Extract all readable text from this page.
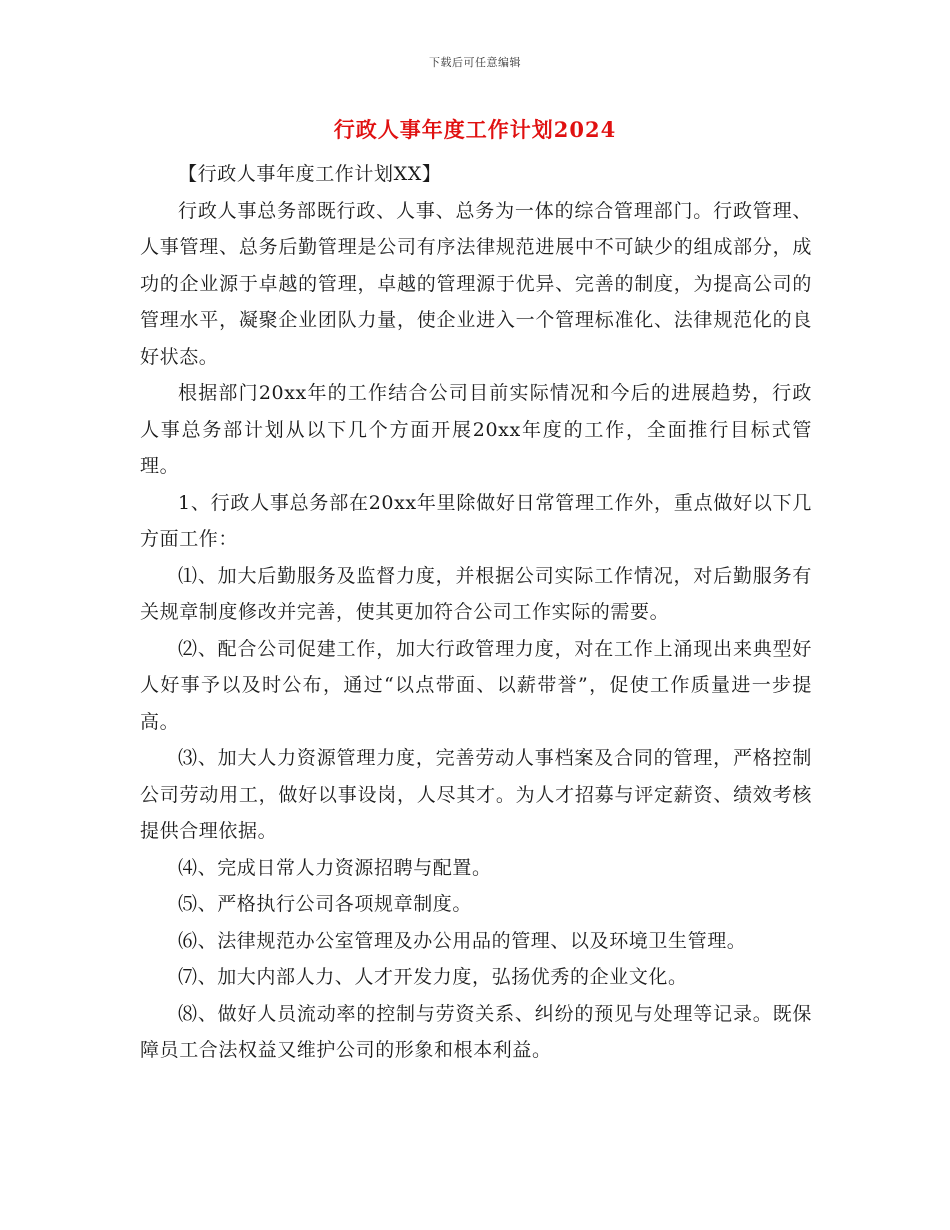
下载后可任意编辑
行政人事年度工作计划2024

【行政人事年度工作计划XX】

行政人事总务部既行政、人事、总务为一体的综合管理部门。行政管理、人事管理、总务后勤管理是公司有序法律规范进展中不可缺少的组成部分，成功的企业源于卓越的管理，卓越的管理源于优异、完善的制度，为提高公司的管理水平，凝聚企业团队力量，使企业进入一个管理标准化、法律规范化的良好状态。

根据部门20xx年的工作结合公司目前实际情况和今后的进展趋势，行政人事总务部计划从以下几个方面开展20xx年度的工作，全面推行目标式管理。

1、行政人事总务部在20xx年里除做好日常管理工作外，重点做好以下几方面工作：

⑴、加大后勤服务及监督力度，并根据公司实际工作情况，对后勤服务有关规章制度修改并完善，使其更加符合公司工作实际的需要。

⑵、配合公司促建工作，加大行政管理力度，对在工作上涌现出来典型好人好事予以及时公布，通过“以点带面、以薪带誉”，促使工作质量进一步提高。

⑶、加大人力资源管理力度，完善劳动人事档案及合同的管理，严格控制公司劳动用工，做好以事设岗，人尽其才。为人才招募与评定薪资、绩效考核提供合理依据。

⑷、完成日常人力资源招聘与配置。

⑸、严格执行公司各项规章制度。

⑹、法律规范办公室管理及办公用品的管理、以及环境卫生管理。

⑺、加大内部人力、人才开发力度，弘扬优秀的企业文化。

⑻、做好人员流动率的控制与劳资关系、纠纷的预见与处理等记录。既保障员工合法权益又维护公司的形象和根本利益。
